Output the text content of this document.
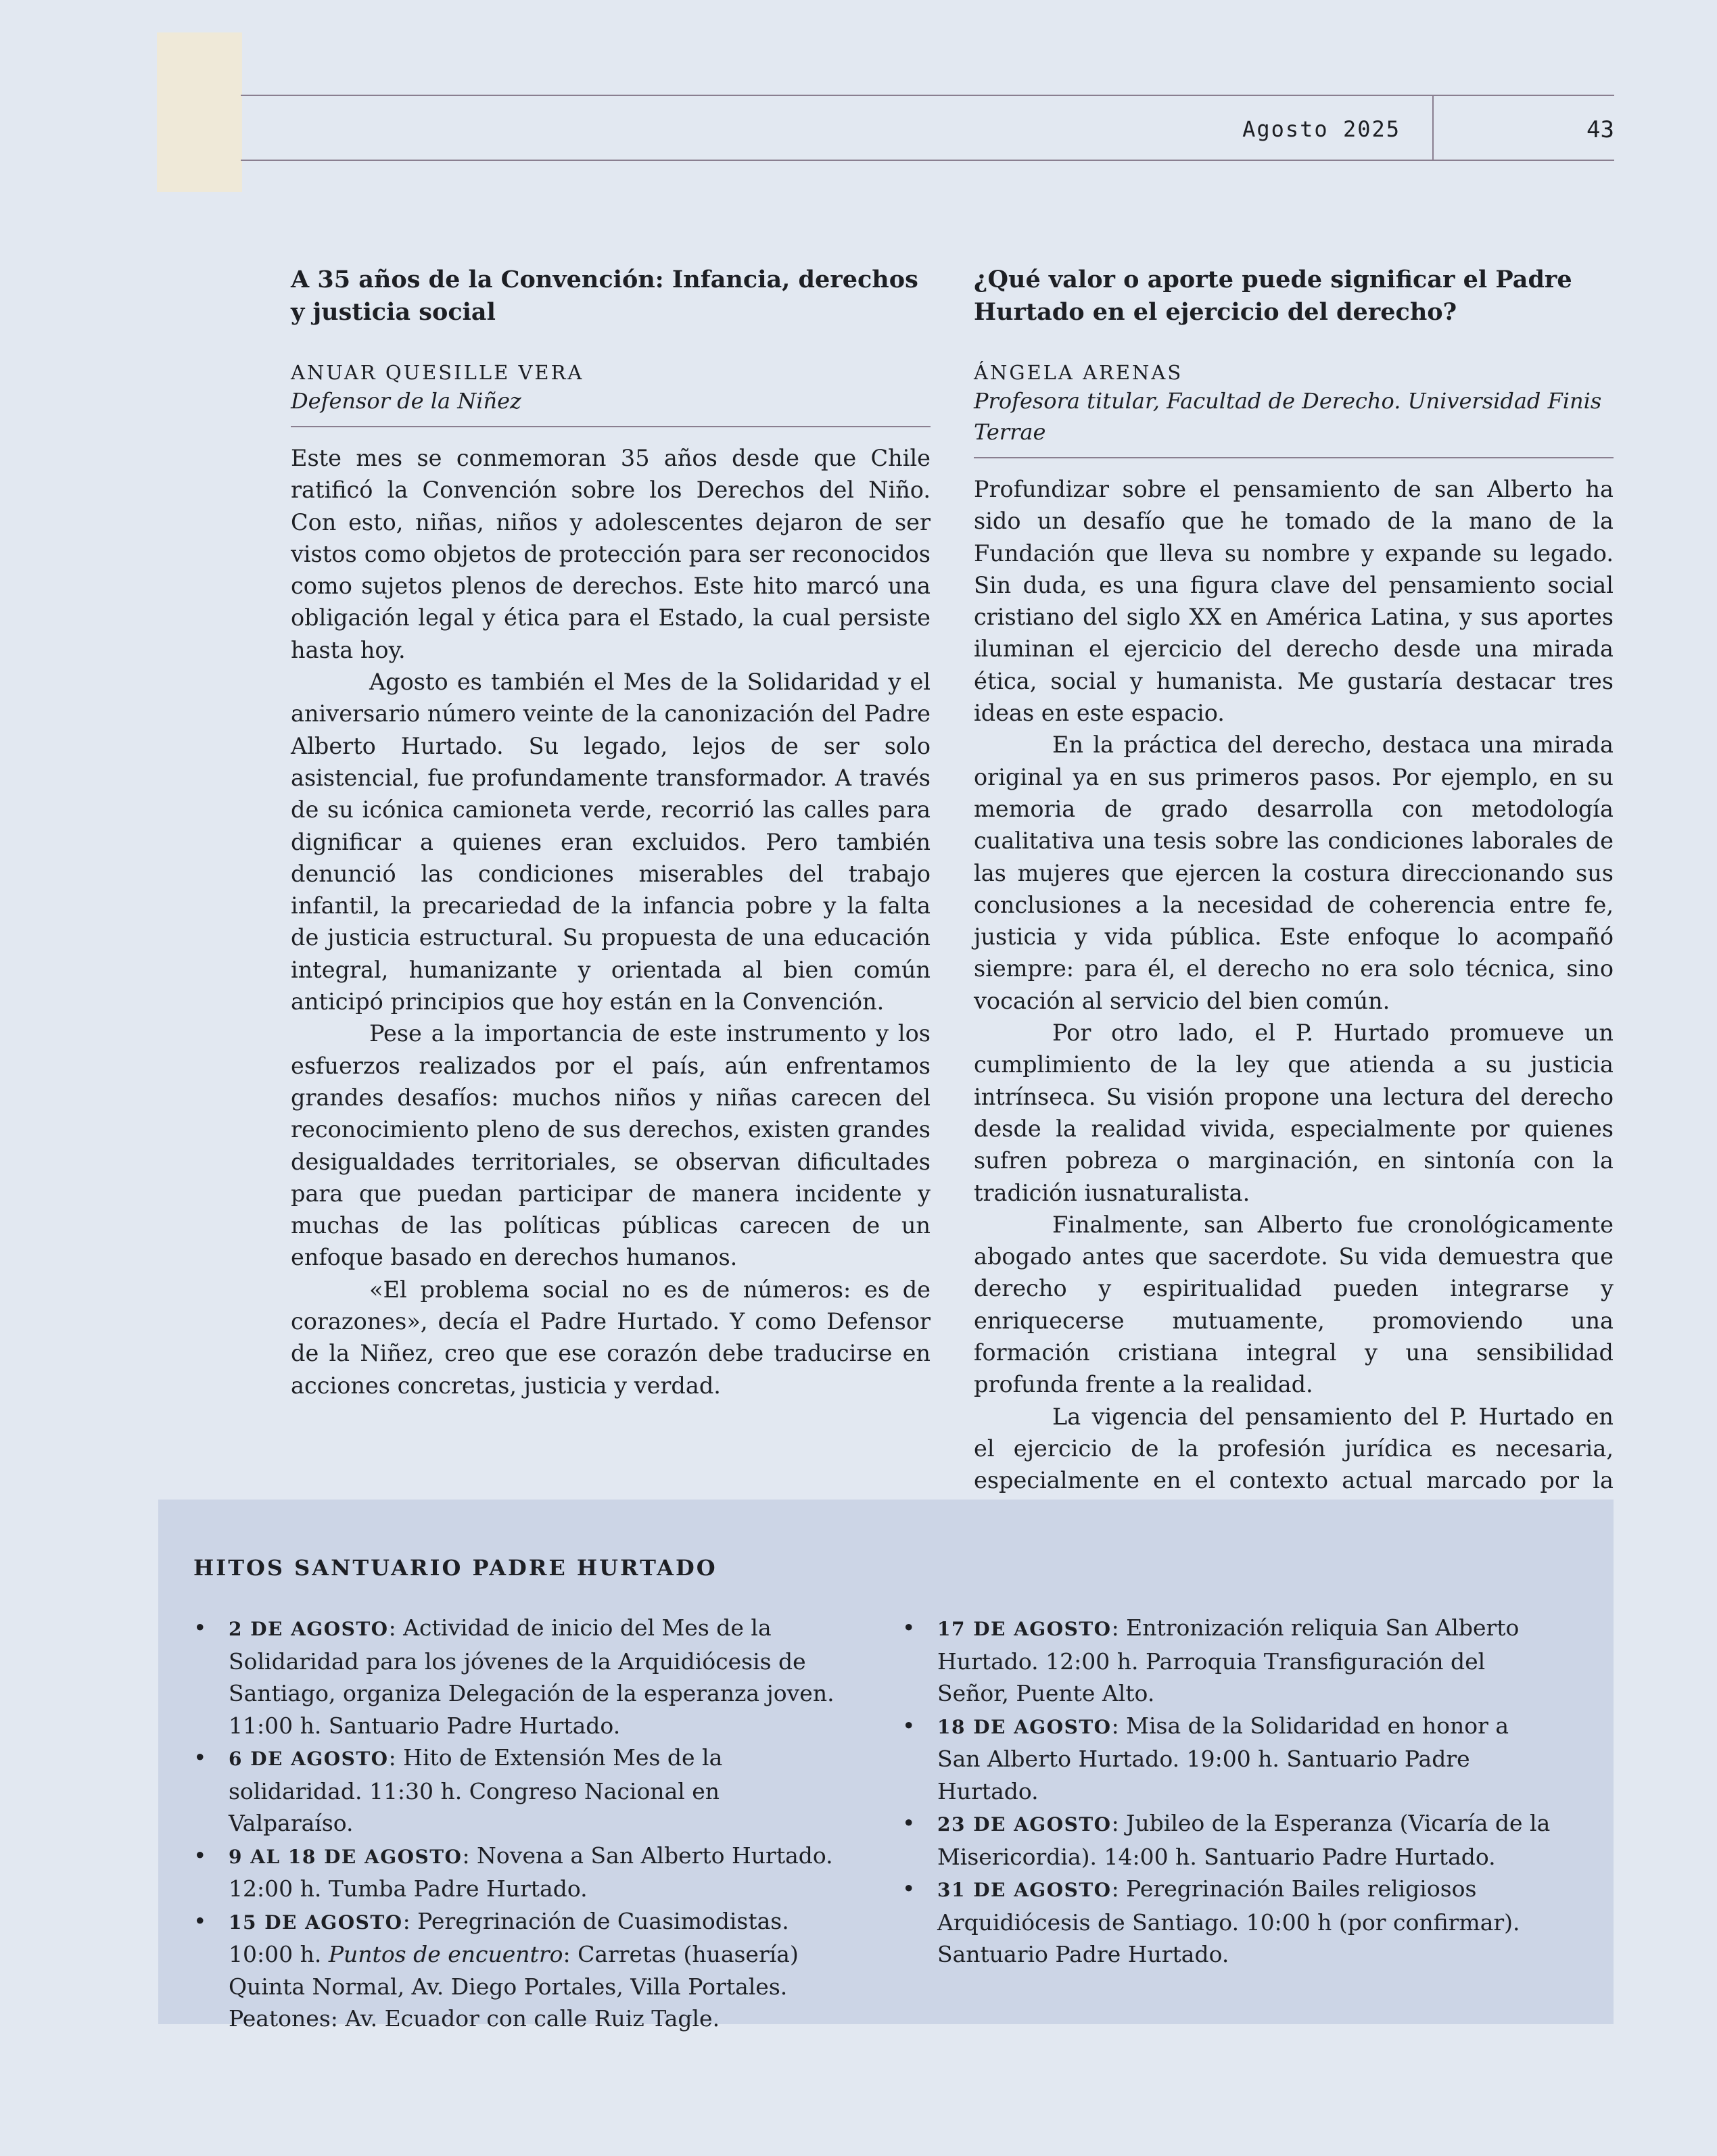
Agosto 2025	43
A 35 años de la Convención: Infancia, derechos y justicia social
ANUAR QUESILLE VERA
Defensor de la Niñez

Este mes se conmemoran 35 años desde que Chile ratificó la Convención sobre los Derechos del Niño. Con esto, niñas, niños y adolescentes dejaron de ser vistos como objetos de protección para ser reconocidos como sujetos plenos de derechos. Este hito marcó una obligación legal y ética para el Estado, la cual persiste hasta hoy.

Agosto es también el Mes de la Solidaridad y el aniversario número veinte de la canonización del Padre Alberto Hurtado. Su legado, lejos de ser solo asistencial, fue profundamente transformador. A través de su icónica camioneta verde, recorrió las calles para dignificar a quienes eran excluidos. Pero también denunció las condiciones miserables del trabajo infantil, la precariedad de la infancia pobre y la falta de justicia estructural. Su propuesta de una educación integral, humanizante y orientada al bien común anticipó principios que hoy están en la Convención.

Pese a la importancia de este instrumento y los esfuerzos realizados por el país, aún enfrentamos grandes desafíos: muchos niños y niñas carecen del reconocimiento pleno de sus derechos, existen grandes desigualdades territoriales, se observan dificultades para que puedan participar de manera incidente y muchas de las políticas públicas carecen de un enfoque basado en derechos humanos.

«El problema social no es de números: es de corazones», decía el Padre Hurtado. Y como Defensor de la Niñez, creo que ese corazón debe traducirse en acciones concretas, justicia y verdad.

¿Qué valor o aporte puede significar el Padre Hurtado en el ejercicio del derecho?
ÁNGELA ARENAS
Profesora titular, Facultad de Derecho. Universidad Finis Terrae

Profundizar sobre el pensamiento de san Alberto ha sido un desafío que he tomado de la mano de la Fundación que lleva su nombre y expande su legado. Sin duda, es una figura clave del pensamiento social cristiano del siglo XX en América Latina, y sus aportes iluminan el ejercicio del derecho desde una mirada ética, social y humanista. Me gustaría destacar tres ideas en este espacio.

En la práctica del derecho, destaca una mirada original ya en sus primeros pasos. Por ejemplo, en su memoria de grado desarrolla con metodología cualitativa una tesis sobre las condiciones laborales de las mujeres que ejercen la costura direccionando sus conclusiones a la necesidad de coherencia entre fe, justicia y vida pública. Este enfoque lo acompañó siempre: para él, el derecho no era solo técnica, sino vocación al servicio del bien común.

Por otro lado, el P. Hurtado promueve un cumplimiento de la ley que atienda a su justicia intrínseca. Su visión propone una lectura del derecho desde la realidad vivida, especialmente por quienes sufren pobreza o marginación, en sintonía con la tradición iusnaturalista.

Finalmente, san Alberto fue cronológicamente abogado antes que sacerdote. Su vida demuestra que derecho y espiritualidad pueden integrarse y enriquecerse mutuamente, promoviendo una formación cristiana integral y una sensibilidad profunda frente a la realidad.

La vigencia del pensamiento del P. Hurtado en el ejercicio de la profesión jurídica es necesaria, especialmente en el contexto actual marcado por la

HITOS SANTUARIO PADRE HURTADO
• 2 DE AGOSTO: Actividad de inicio del Mes de la Solidaridad para los jóvenes de la Arquidiócesis de Santiago, organiza Delegación de la esperanza joven. 11:00 h. Santuario Padre Hurtado.
• 6 DE AGOSTO: Hito de Extensión Mes de la solidaridad. 11:30 h. Congreso Nacional en Valparaíso.
• 9 AL 18 DE AGOSTO: Novena a San Alberto Hurtado. 12:00 h. Tumba Padre Hurtado.
• 15 DE AGOSTO: Peregrinación de Cuasimodistas. 10:00 h. Puntos de encuentro: Carretas (huasería) Quinta Normal, Av. Diego Portales, Villa Portales. Peatones: Av. Ecuador con calle Ruiz Tagle.
• 17 DE AGOSTO: Entronización reliquia San Alberto Hurtado. 12:00 h. Parroquia Transfiguración del Señor, Puente Alto.
• 18 DE AGOSTO: Misa de la Solidaridad en honor a San Alberto Hurtado. 19:00 h. Santuario Padre Hurtado.
• 23 DE AGOSTO: Jubileo de la Esperanza (Vicaría de la Misericordia). 14:00 h. Santuario Padre Hurtado.
• 31 DE AGOSTO: Peregrinación Bailes religiosos Arquidiócesis de Santiago. 10:00 h (por confirmar). Santuario Padre Hurtado.
